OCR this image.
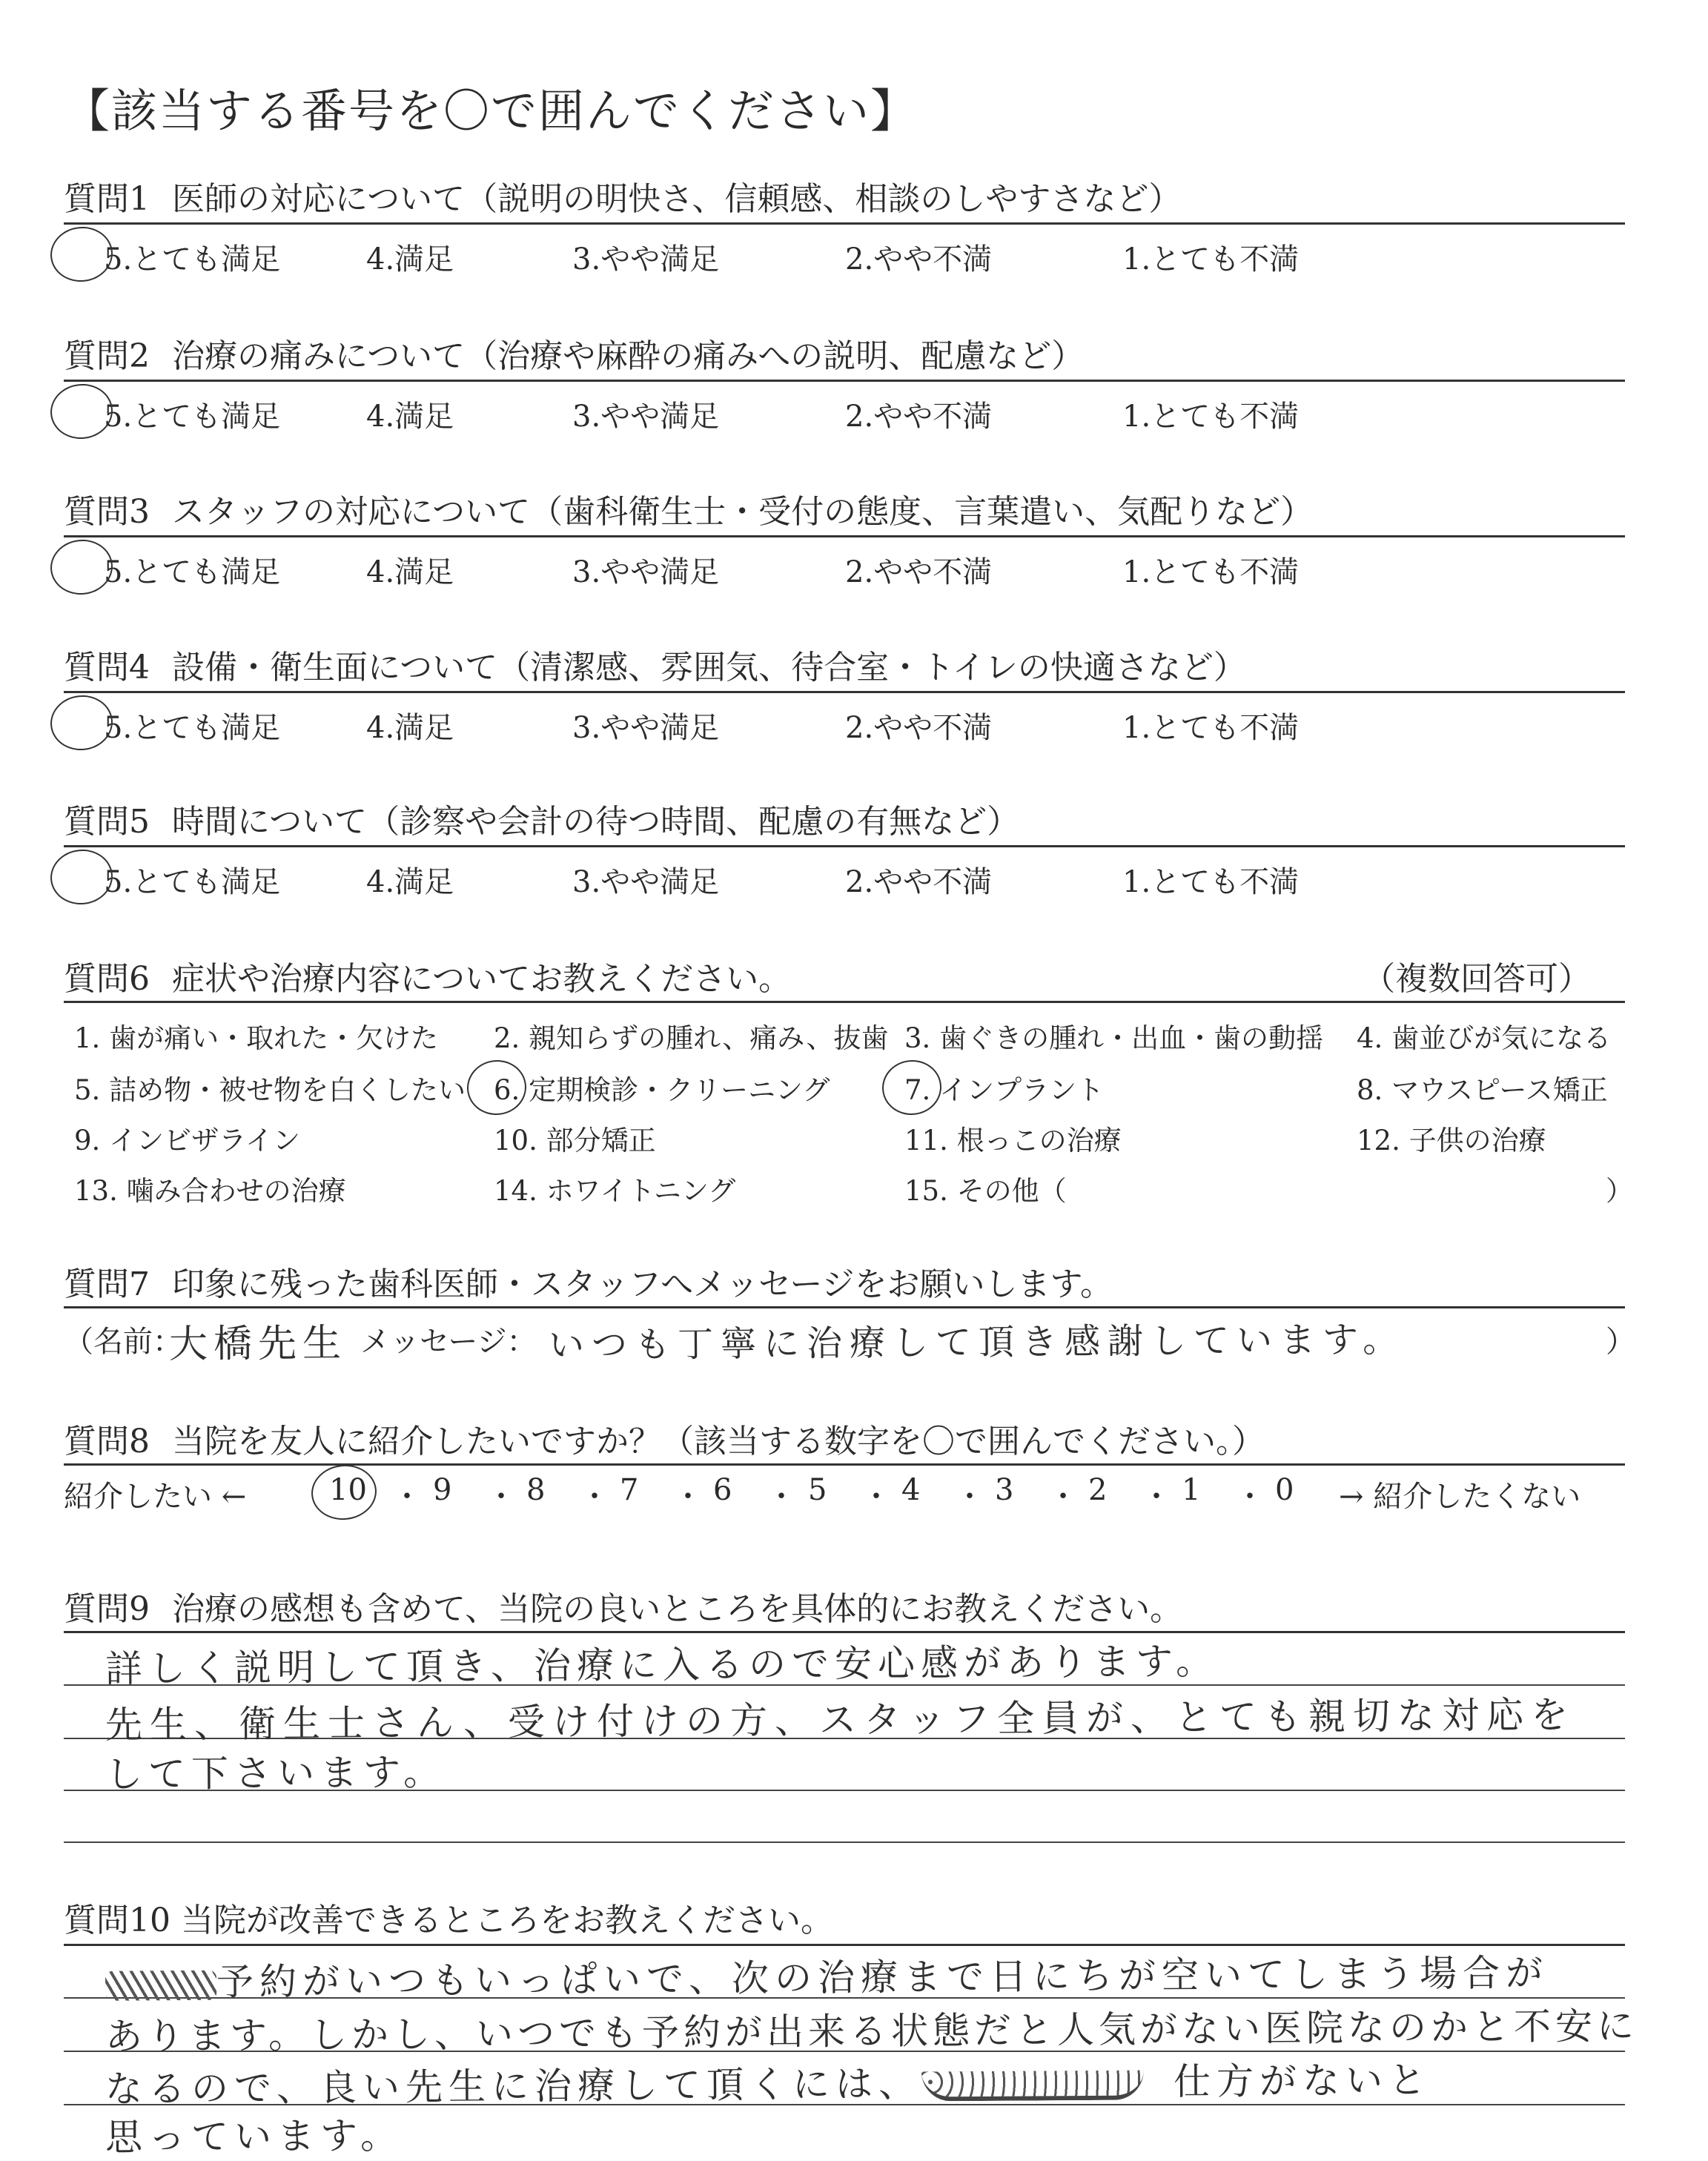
【該当する番号を〇で囲んでください】
質問1 医師の対応について（説明の明快さ、信頼感、相談のしやすさなど）
5.とても満足	4.満足	3.やや満足	2.やや不満	1.とても不満
質問2 治療の痛みについて（治療や麻酔の痛みへの説明、配慮など）
5.とても満足	4.満足	3.やや満足	2.やや不満	1.とても不満
質問3 スタッフの対応について（歯科衛生士・受付の態度、言葉遣い、気配りなど）
5.とても満足	4.満足	3.やや満足	2.やや不満	1.とても不満
質問4 設備・衛生面について（清潔感、雰囲気、待合室・トイレの快適さなど）
5.とても満足	4.満足	3.やや満足	2.やや不満	1.とても不満
質問5 時間について（診察や会計の待つ時間、配慮の有無など）
5.とても満足	4.満足	3.やや満足	2.やや不満	1.とても不満
質問6 症状や治療内容についてお教えください。	（複数回答可）
1. 歯が痛い・取れた・欠けた 2. 親知らずの腫れ、痛み、抜歯 3. 歯ぐきの腫れ・出血・歯の動揺 4. 歯並びが気になる
5. 詰め物・被せ物を白くしたい 6. 定期検診・クリーニング	7. インプラント	8. マウスピース矯正
9. インビザライン	10. 部分矯正	11. 根っこの治療	12. 子供の治療
13. 噛み合わせの治療	14. ホワイトニング	15. その他（	）
質問7 印象に残った歯科医師・スタッフへメッセージをお願いします。
（名前：	メッセージ：	）
大橋先生	いつも丁寧に治療して頂き感謝しています。
質問8 当院を友人に紹介したいですか？（該当する数字を〇で囲んでください。）
紹介したい ←	10 ・ 9 ・ 8 ・ 7 ・ 6 ・ 5 ・ 4 ・ 3 ・ 2 ・ 1 ・ 0 → 紹介したくない
質問9 治療の感想も含めて、当院の良いところを具体的にお教えください。
詳しく説明して頂き、治療に入るので安心感があります。
先生、衛生士さん、受け付けの方、スタッフ全員が、とても親切な対応を
して下さいます。
質問10 当院が改善できるところをお教えください。
予約がいつもいっぱいで、次の治療まで日にちが空いてしまう場合が
あります。しかし、いつでも予約が出来る状態だと人気がない医院なのかと不安に
なるので、良い先生に治療して頂くには、	仕方がないと
思っています。
